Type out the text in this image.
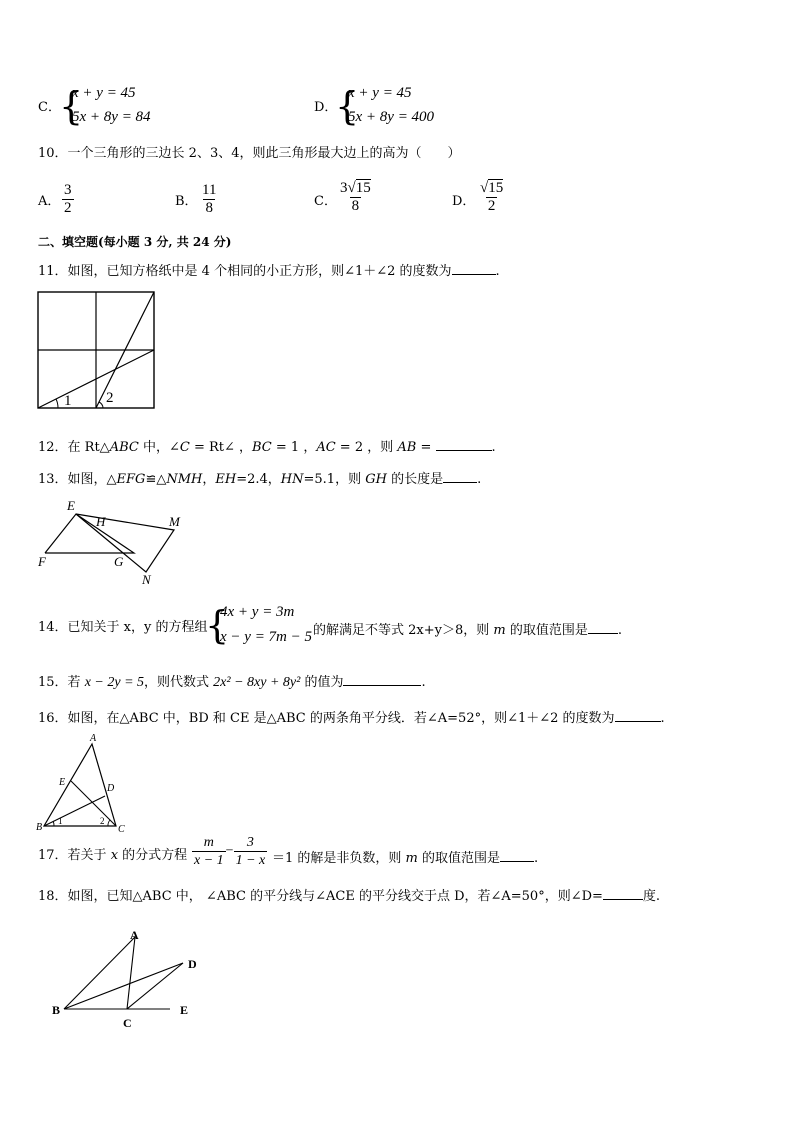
C．
{
x + y = 45
5x + 8y = 84
D．
{
x + y = 45
5x + 8y = 400
10．一个三角形的三边长 2、3、4，则此三角形最大边上的高为（　　）
A． $\frac{3}{2}$	B． $\frac{11}{8}$	C． $\frac{3√15}{8}$	D． $\frac{√15}{2}$
二、填空题(每小题 3 分, 共 24 分)
11．如图，已知方格纸中是 4 个相同的小正方形，则∠1＋∠2 的度数为	.
1 2
12．在 Rt△ABC 中，∠C = Rt∠ ，BC = 1 ，AC = 2 ，则 AB =	.
13．如图，△EFG≌△NMH，EH=2.4，HN=5.1，则 GH 的长度是	.
E
H	M
F	G
N
14．已知关于 x，y 的方程组
{
4x + y = 3m
x − y = 7m − 5 的解满足不等式 2x+y＞8，则 m 的取值范围是 .
15．若 x − 2y = 5，则代数式 2x² − 8xy + 8y² 的值为	.
16．如图，在△ABC 中，BD 和 CE 是△ABC 的两条角平分线．若∠A=52°，则∠1＋∠2 的度数为	.
A
E
D
B	C
1	2
17．若关于 x 的分式方程 $\frac{m}{x - 1} - \frac{3}{1 - x} =1$ 的解是非负数，则 m 的取值范围是	.
18．如图，已知△ABC 中， ∠ABC 的平分线与∠ACE 的平分线交于点 D，若∠A=50°，则∠D=	度.
A
D
B
C
E
